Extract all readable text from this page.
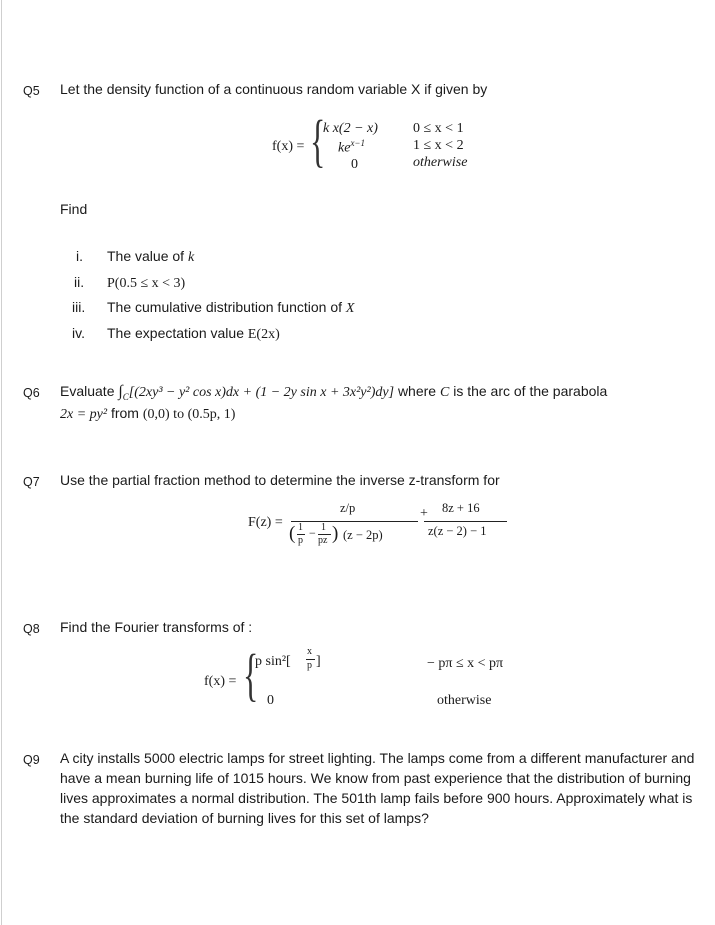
Q5 Let the density function of a continuous random variable X if given by
f(x) = {
k x(2 − x)
$ke^{x-1}$
0
0 ≤ x < 1
1 ≤ x < 2
otherwise
Find
i. The value of k
ii. P(0.5 ≤ x < 3)
iii. The cumulative distribution function of X
iv. The expectation value E(2x)
Q6 Evaluate $\int_C[(2xy^3 - y^2$ cos x)dx + (1 − 2y sin x + 3x²y²)dy] where C is the arc of the parabola
2x = py² from (0,0) to (0.5p, 1)
Q7 Use the partial fraction method to determine the inverse z-transform for
F(z) =
z/p
( 1
p
− 1
pz ) (z − 2p)
+ 8z + 16
z(z − 2) − 1
Q8 Find the Fourier transforms of :
f(x) = {
p sin²[
x
p ]
0
− pπ ≤ x < pπ
otherwise
Q9 A city installs 5000 electric lamps for street lighting. The lamps come from a different manufacturer and have a mean burning life of 1015 hours. We know from past experience that the distribution of burning lives approximates a normal distribution. The 501th lamp fails before 900 hours. Approximately what is the standard deviation of burning lives for this set of lamps?
